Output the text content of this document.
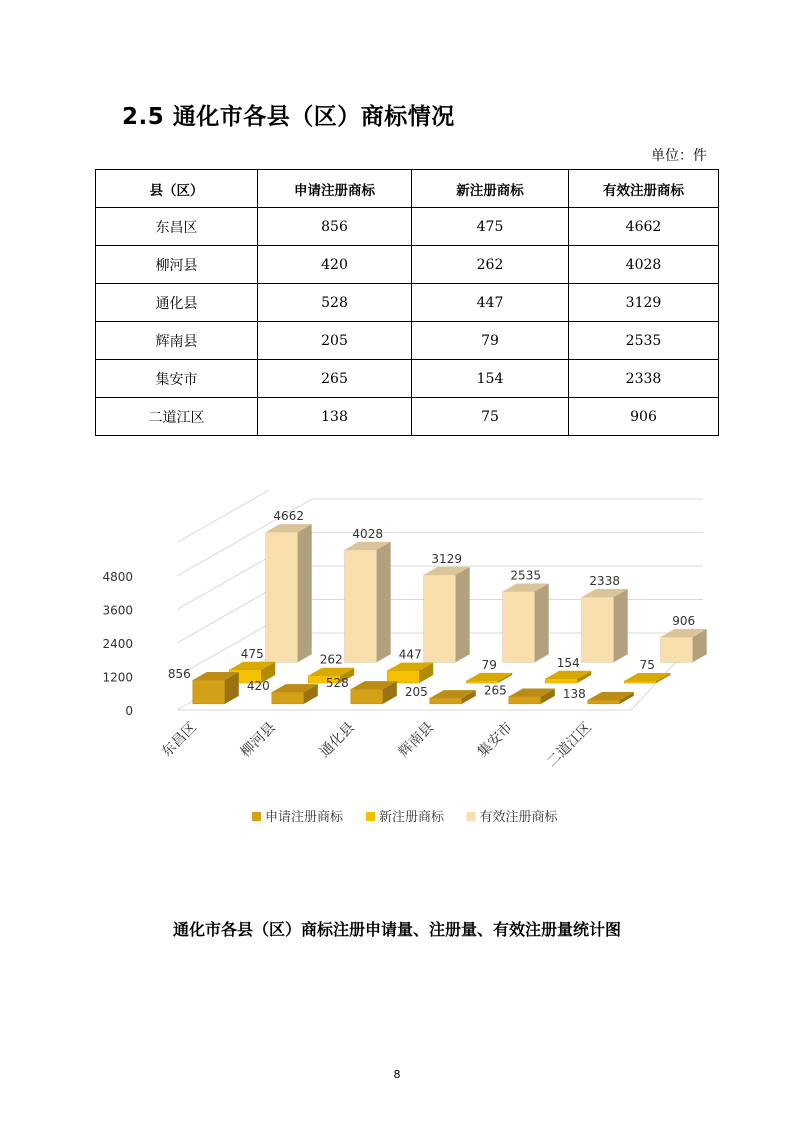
2.5 通化市各县（区）商标情况
单位：件
县（区）	申请注册商标	新注册商标	有效注册商标
东昌区	856	475	4662
柳河县	420	262	4028
通化县	528	447	3129
辉南县	205	79	2535
集安市	265	154	2338
二道江区	138	75	906
0
1200
2400
3600
4800
4662
4028
3129
2535	2338
906
475	262	447
79	154	75
856
420	528
205	265	138
东昌区	柳河县	通化县	辉南县	集安市 二道江区
申请注册商标	新注册商标	有效注册商标
通化市各县（区）商标注册申请量、注册量、有效注册量统计图
8
